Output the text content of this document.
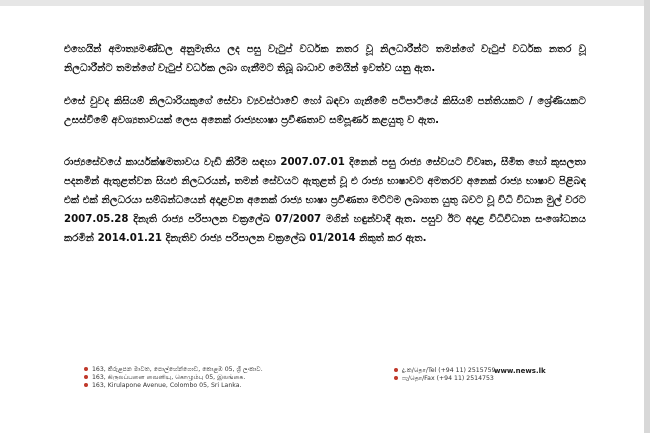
එහෙයින් අමාත්‍යමණ්ඩල අනුමැතිය ලද පසු වැටුප් වර්ධක නතර වූ නිලධාරීන්ට තමන්ගේ වැටුප් වර්ධක නතර වූ නිලධාරීන්ට තමන්ගේ වැටුප් වර්ධක ලබා ගැනීමට තිබූ බාධාව මෙයින් ඉවත්ව යනු ඇත.

එසේ වුවද කිසියම් නිලධාරියකුගේ සේවා ව්‍යවස්ථාවේ හෝ බඳවා ගැනීමේ පටිපාටියේ කිසියම් පන්තියකට / ශ්‍රේණියකට උසස්වීමේ අවශ්‍යතාවයක් ලෙස අනෙක් රාජ්‍යභාෂා ප්‍රවීණතාව සම්පූර්ණ කළයුතු ව ඇත.

රාජ්‍යසේවයේ කාර්යක්ෂමතාවය වැඩි කිරීම සඳහා 2007.07.01 දිනෙන් පසු රාජ්‍ය සේවයට විවෘත, සීමිත හෝ කුසලතා පදනමින් ඇතුළත්වන සියළු නිලධරයන්, තමන් සේවයට ඇතුළත් වූ එ රාජ්‍ය භාෂාවට අමතරව අනෙක් රාජ්‍ය භාෂාව පිළිබඳ එක් එක් නිලධරයා සම්බන්ධයෙන් අදාළවන අනෙක් රාජ්‍ය භාෂා ප්‍රවීණතා මට්ටම ලබාගත යුතු බවට වූ විධි විධාන මුල් වරට 2007.05.28 දිනැති රාජ්‍ය පරිපාලන චක්‍රලේඛ 07/2007 මගින් හඳුන්වාදී ඇත. පසුව ඊට අදාළ විධිවිධාන සංශෝධනය කරමින් 2014.01.21 දිනැතිව රාජ්‍ය පරිපාලන චක්‍රලේඛ 01/2014 නිකුත් කර ඇත.

163, කිරුළපන මාවත, පොල්හේන්ගොඩ, කොළඹ 05, ශ්‍රී ලංකාව.
163, கிருலப்பனை வைனியு, கொழும்பு 05, இலங்கை.
163, Kirulapone Avenue, Colombo 05, Sri Lanka.
දු.ක/தொ/Tel (+94 11) 2515759
ෆැ/தொ/Fax (+94 11) 2514753
www.news.lk
